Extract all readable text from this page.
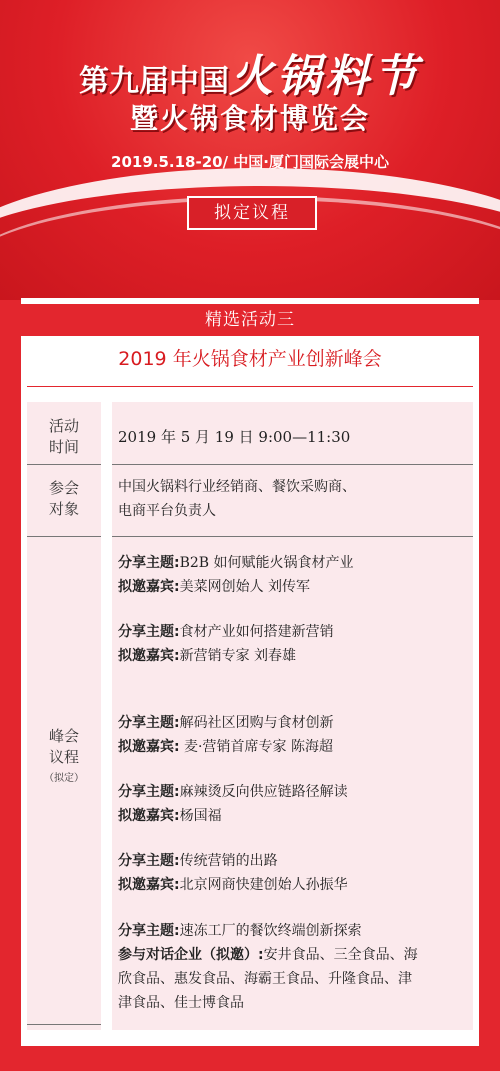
第九届中国火锅料节
暨火锅食材博览会
2019.5.18-20/ 中国·厦门国际会展中心
拟定议程
精选活动三
2019 年火锅食材产业创新峰会
活动
时间
2019 年 5 月 19 日 9:00—11:30
参会
对象
中国火锅料行业经销商、餐饮采购商、
电商平台负责人
峰会
议程
（拟定）
分享主题:B2B 如何赋能火锅食材产业
拟邀嘉宾:美菜网创始人 刘传军
分享主题:食材产业如何搭建新营销
拟邀嘉宾:新营销专家 刘春雄
分享主题:解码社区团购与食材创新
拟邀嘉宾: 麦·营销首席专家 陈海超
分享主题:麻辣烫反向供应链路径解读
拟邀嘉宾:杨国福
分享主题:传统营销的出路
拟邀嘉宾:北京网商快建创始人孙振华
分享主题:速冻工厂的餐饮终端创新探索
参与对话企业（拟邀）:安井食品、三全食品、海
欣食品、惠发食品、海霸王食品、升隆食品、津
津食品、佳士博食品
